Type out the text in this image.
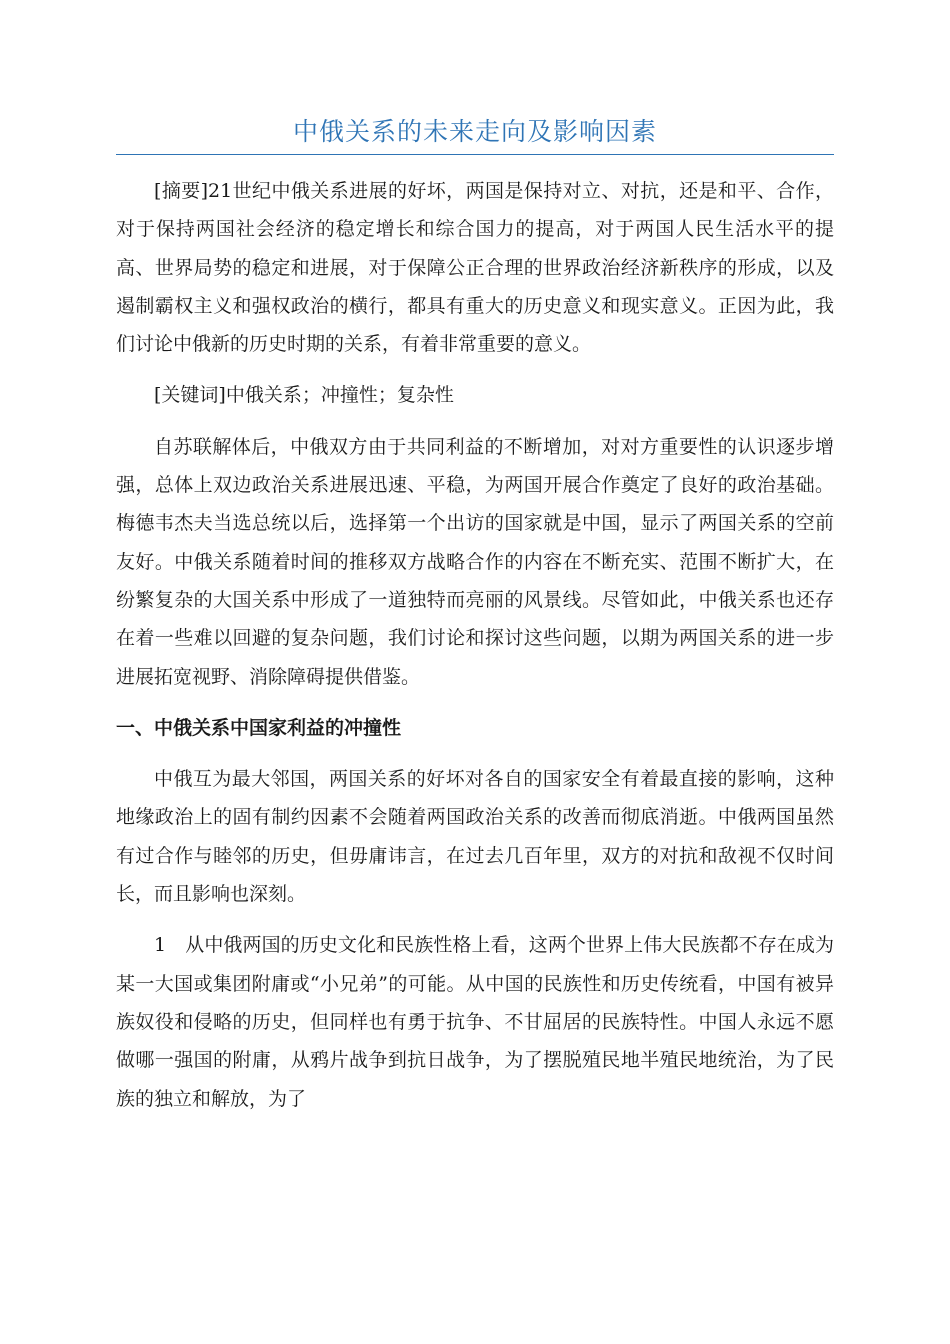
中俄关系的未来走向及影响因素

[摘要]21世纪中俄关系进展的好坏，两国是保持对立、对抗，还是和平、合作，对于保持两国社会经济的稳定增长和综合国力的提高，对于两国人民生活水平的提高、世界局势的稳定和进展，对于保障公正合理的世界政治经济新秩序的形成，以及遏制霸权主义和强权政治的横行，都具有重大的历史意义和现实意义。正因为此，我们讨论中俄新的历史时期的关系，有着非常重要的意义。

[关键词]中俄关系；冲撞性；复杂性

自苏联解体后，中俄双方由于共同利益的不断增加，对对方重要性的认识逐步增强，总体上双边政治关系进展迅速、平稳，为两国开展合作奠定了良好的政治基础。梅德韦杰夫当选总统以后，选择第一个出访的国家就是中国，显示了两国关系的空前友好。中俄关系随着时间的推移双方战略合作的内容在不断充实、范围不断扩大，在纷繁复杂的大国关系中形成了一道独特而亮丽的风景线。尽管如此，中俄关系也还存在着一些难以回避的复杂问题，我们讨论和探讨这些问题，以期为两国关系的进一步进展拓宽视野、消除障碍提供借鉴。

一、中俄关系中国家利益的冲撞性

中俄互为最大邻国，两国关系的好坏对各自的国家安全有着最直接的影响，这种地缘政治上的固有制约因素不会随着两国政治关系的改善而彻底消逝。中俄两国虽然有过合作与睦邻的历史，但毋庸讳言，在过去几百年里，双方的对抗和敌视不仅时间长，而且影响也深刻。

1　从中俄两国的历史文化和民族性格上看，这两个世界上伟大民族都不存在成为某一大国或集团附庸或“小兄弟”的可能。从中国的民族性和历史传统看，中国有被异族奴役和侵略的历史，但同样也有勇于抗争、不甘屈居的民族特性。中国人永远不愿做哪一强国的附庸，从鸦片战争到抗日战争，为了摆脱殖民地半殖民地统治，为了民族的独立和解放，为了
